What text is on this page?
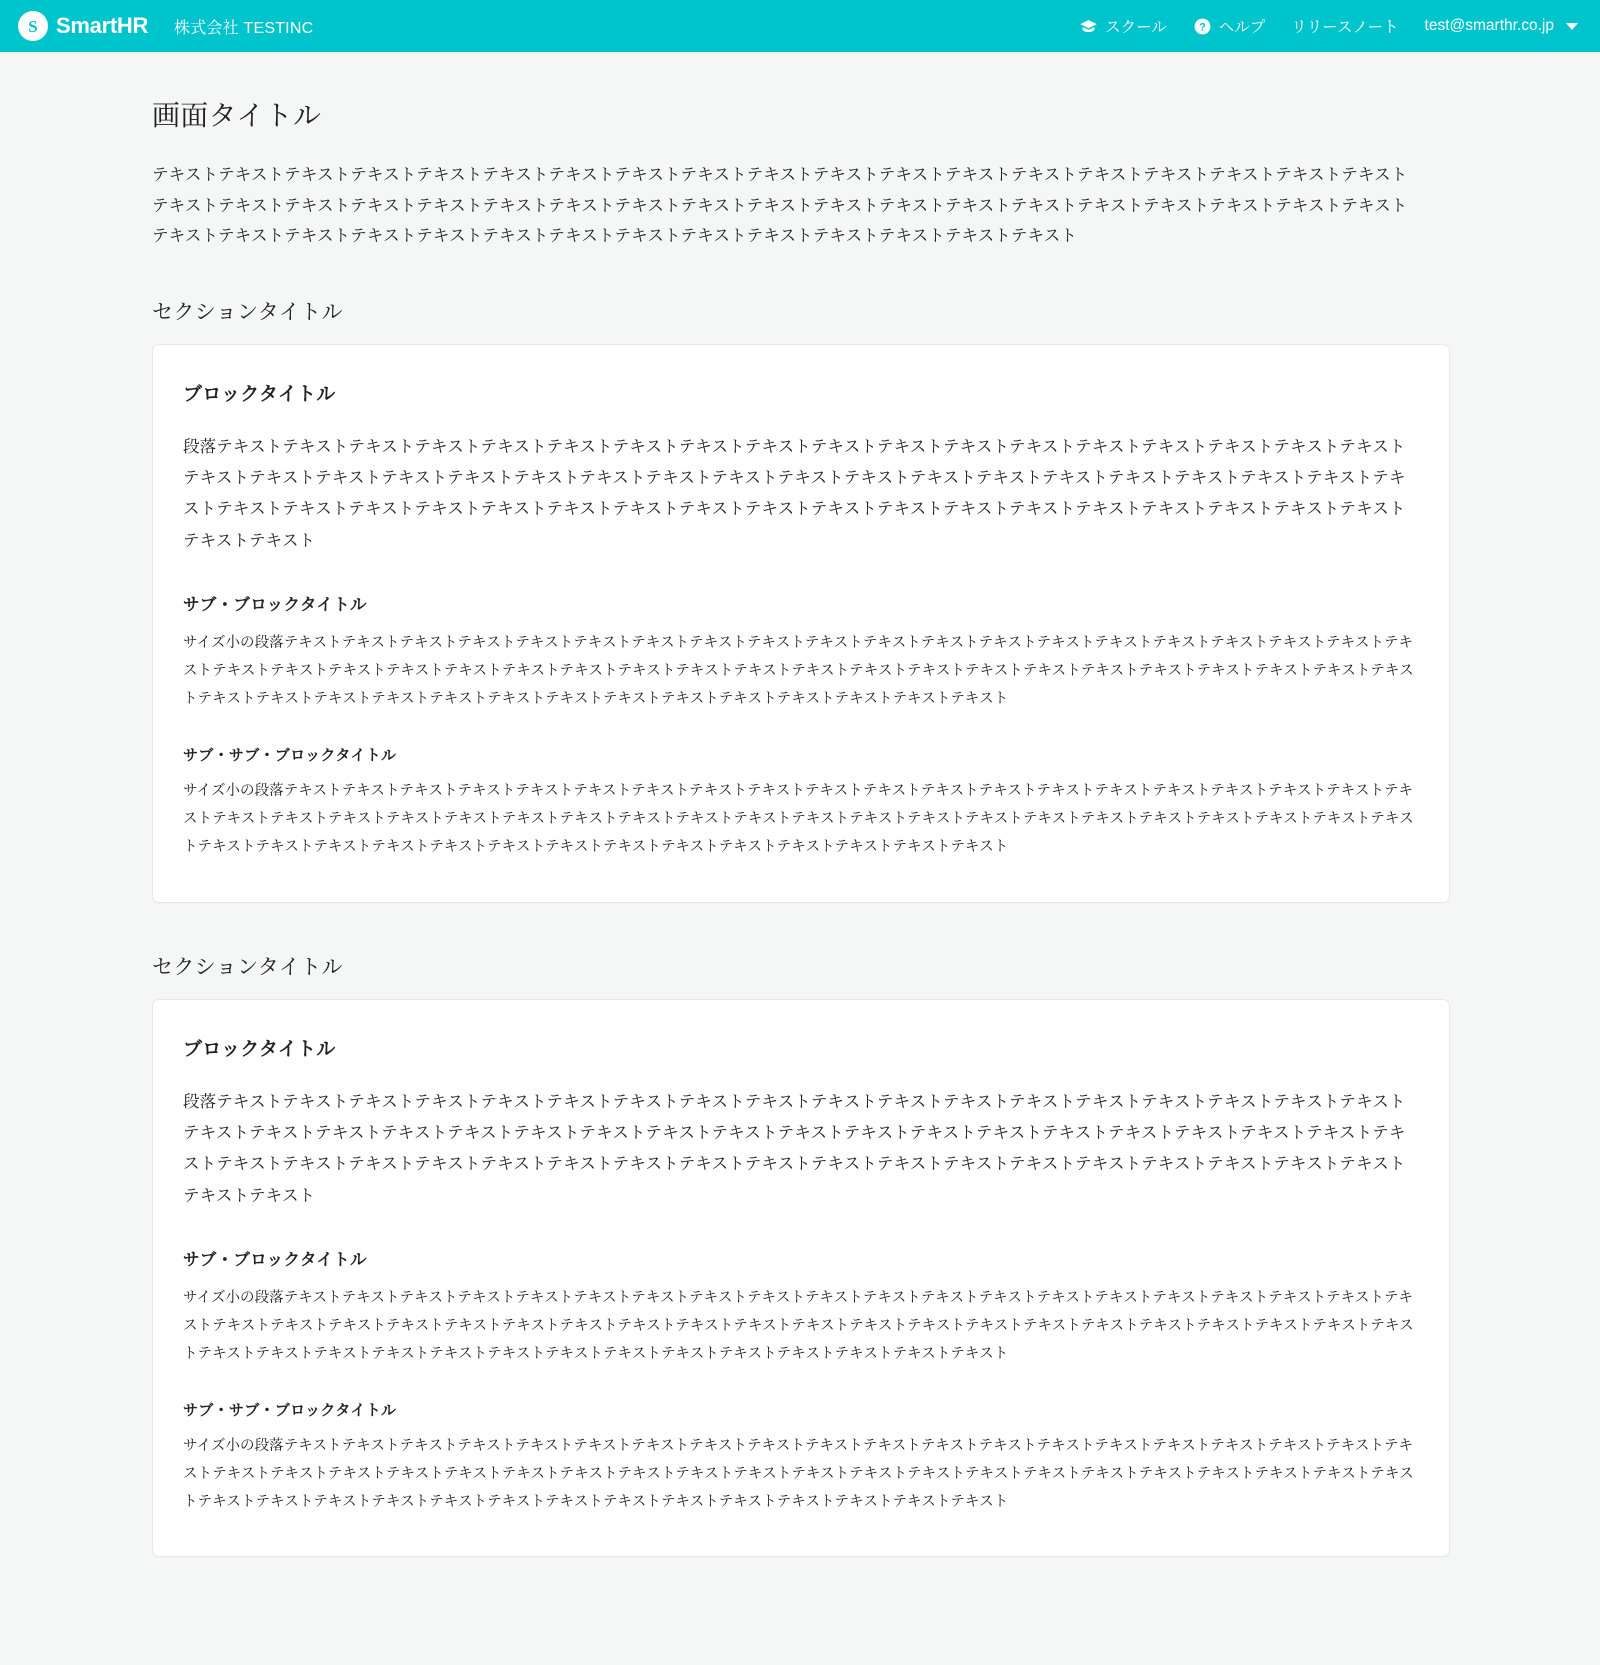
S SmartHR 株式会社 TESTINC	スクール ? ヘルプ リリースノート test@smarthr.co.jp
画面タイトル

テキストテキストテキストテキストテキストテキストテキストテキストテキストテキストテキストテキストテキストテキストテキストテキストテキストテキストテキストテキストテキストテキストテキストテキストテキストテキストテキストテキストテキストテキストテキストテキストテキストテキストテキストテキストテキストテキストテキストテキストテキストテキストテキストテキストテキストテキストテキストテキストテキストテキストテキストテキスト

セクションタイトル
ブロックタイトル

段落テキストテキストテキストテキストテキストテキストテキストテキストテキストテキストテキストテキストテキストテキストテキストテキストテキストテキストテキストテキストテキストテキストテキストテキストテキストテキストテキストテキストテキストテキストテキストテキストテキストテキストテキストテキストテキストテキストテキストテキストテキストテキストテキストテキストテキストテキストテキストテキストテキストテキストテキストテキストテキストテキストテキストテキストテキスト

サブ・ブロックタイトル

サイズ小の段落テキストテキストテキストテキストテキストテキストテキストテキストテキストテキストテキストテキストテキストテキストテキストテキストテキストテキストテキストテキストテキストテキストテキストテキストテキストテキストテキストテキストテキストテキストテキストテキストテキストテキストテキストテキストテキストテキストテキストテキストテキストテキストテキストテキストテキストテキストテキストテキストテキストテキストテキストテキストテキストテキストテキスト

サブ・サブ・ブロックタイトル

サイズ小の段落テキストテキストテキストテキストテキストテキストテキストテキストテキストテキストテキストテキストテキストテキストテキストテキストテキストテキストテキストテキストテキストテキストテキストテキストテキストテキストテキストテキストテキストテキストテキストテキストテキストテキストテキストテキストテキストテキストテキストテキストテキストテキストテキストテキストテキストテキストテキストテキストテキストテキストテキストテキストテキストテキストテキスト

セクションタイトル
ブロックタイトル

段落テキストテキストテキストテキストテキストテキストテキストテキストテキストテキストテキストテキストテキストテキストテキストテキストテキストテキストテキストテキストテキストテキストテキストテキストテキストテキストテキストテキストテキストテキストテキストテキストテキストテキストテキストテキストテキストテキストテキストテキストテキストテキストテキストテキストテキストテキストテキストテキストテキストテキストテキストテキストテキストテキストテキストテキストテキスト

サブ・ブロックタイトル

サイズ小の段落テキストテキストテキストテキストテキストテキストテキストテキストテキストテキストテキストテキストテキストテキストテキストテキストテキストテキストテキストテキストテキストテキストテキストテキストテキストテキストテキストテキストテキストテキストテキストテキストテキストテキストテキストテキストテキストテキストテキストテキストテキストテキストテキストテキストテキストテキストテキストテキストテキストテキストテキストテキストテキストテキストテキスト

サブ・サブ・ブロックタイトル

サイズ小の段落テキストテキストテキストテキストテキストテキストテキストテキストテキストテキストテキストテキストテキストテキストテキストテキストテキストテキストテキストテキストテキストテキストテキストテキストテキストテキストテキストテキストテキストテキストテキストテキストテキストテキストテキストテキストテキストテキストテキストテキストテキストテキストテキストテキストテキストテキストテキストテキストテキストテキストテキストテキストテキストテキストテキスト
